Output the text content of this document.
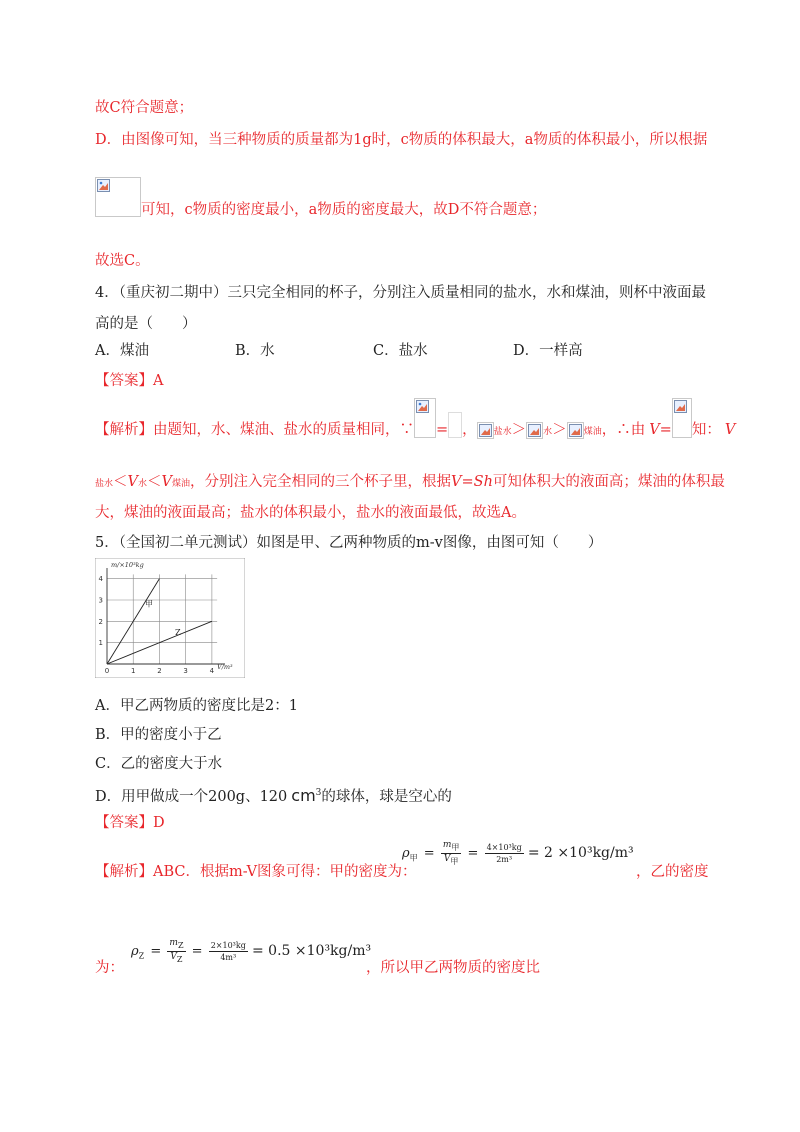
故C符合题意；
D．由图像可知，当三种物质的质量都为1g时，c物质的体积最大，a物质的体积最小，所以根据
可知，c物质的密度最小，a物质的密度最大，故D不符合题意；
故选C。
4．（重庆初二期中）三只完全相同的杯子，分别注入质量相同的盐水，水和煤油，则杯中液面最
高的是（　　）
A．煤油	B．水	C．盐水	D．一样高
【答案】A
【解析】由题知，水、煤油、盐水的质量相同，∵ = ， 盐水＞ 水＞ 煤油，∴由 V= 知： V
盐水＜V水＜V煤油，分别注入完全相同的三个杯子里，根据V=Sh可知体积大的液面高；煤油的体积最
大，煤油的液面最高；盐水的体积最小，盐水的液面最低，故选A。
5．（全国初二单元测试）如图是甲、乙两种物质的m-v图像，由图可知（　　）
0	1	2	3	4
1
2
3
4
m/×10³kg
V/m³
甲
Z
A．甲乙两物质的密度比是2：1
B．甲的密度小于乙
C．乙的密度大于水
D．用甲做成一个200g、120 $cm^3$的球体，球是空心的
【答案】D
【解析】ABC．根据m-V图象可得：甲的密度为：
$\rho_甲 = \frac{\text{m甲}}{\text{V甲}} = \frac{\text{4×10³kg}}{\text{2m³}} = 2 \times 10^3kg/m^3$
，乙的密度
为：
$\rho_Z = \frac{mZ}{VZ} = \frac{\text{2×10³kg}}{\text{4m³}} = 0.5 \times 10^3kg/m^3$
，所以甲乙两物质的密度比
